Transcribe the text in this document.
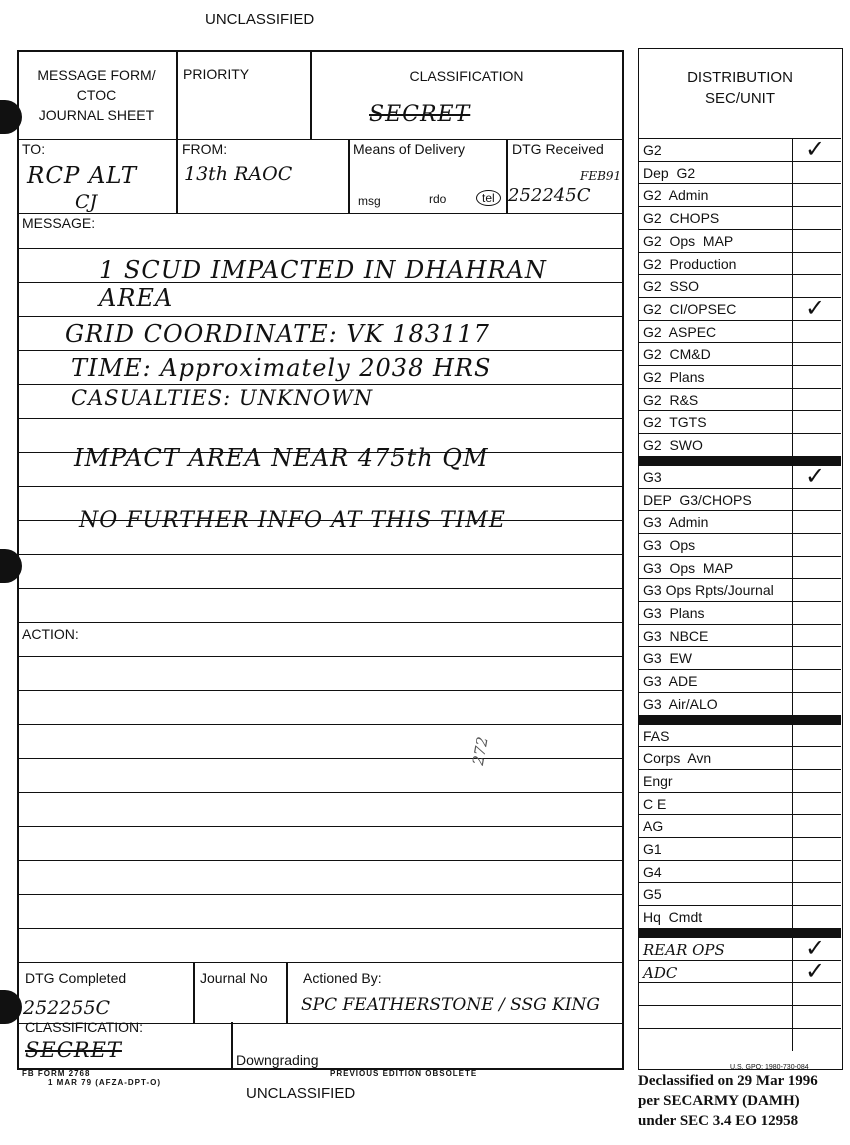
UNCLASSIFIED
MESSAGE FORM/
CTOC
JOURNAL SHEET
PRIORITY	CLASSIFICATION
SECRET
TO:
RCP ALT
CJ
FROM:
13th RAOC
Means of Delivery
msg	rdo	tel
DTG Received
FEB91
252245C
MESSAGE:
1 SCUD IMPACTED IN DHAHRAN AREA
GRID COORDINATE: VK 183117
TIME: Approximately 2038 HRS
CASUALTIES: UNKNOWN
IMPACT AREA NEAR 475th QM
NO FURTHER INFO AT THIS TIME
ACTION:
272
DTG Completed
252255C
Journal No	Actioned By:
SPC FEATHERSTONE / SSG KING
CLASSIFICATION:
SECRET	Downgrading
FB FORM 2768
1 MAR 79 (AFZA-DPT-O)
PREVIOUS EDITION OBSOLETE
UNCLASSIFIED
U.S. GPO: 1980-730-084
Declassified on 29 Mar 1996
per SECARMY (DAMH)
under SEC 3.4 EO 12958
DISTRIBUTION
SEC/UNIT
G2	✓
Dep  G2
G2  Admin
G2  CHOPS
G2  Ops  MAP
G2  Production
G2  SSO
G2  CI/OPSEC	✓
G2  ASPEC
G2  CM&D
G2  Plans
G2  R&S
G2  TGTS
G2  SWO
G3	✓
DEP  G3/CHOPS
G3  Admin
G3  Ops
G3  Ops  MAP
G3 Ops Rpts/Journal
G3  Plans
G3  NBCE
G3  EW
G3  ADE
G3  Air/ALO
FAS
Corps  Avn
Engr
C E
AG
G1
G4
G5
Hq  Cmdt
REAR OPS	✓
ADC	✓
